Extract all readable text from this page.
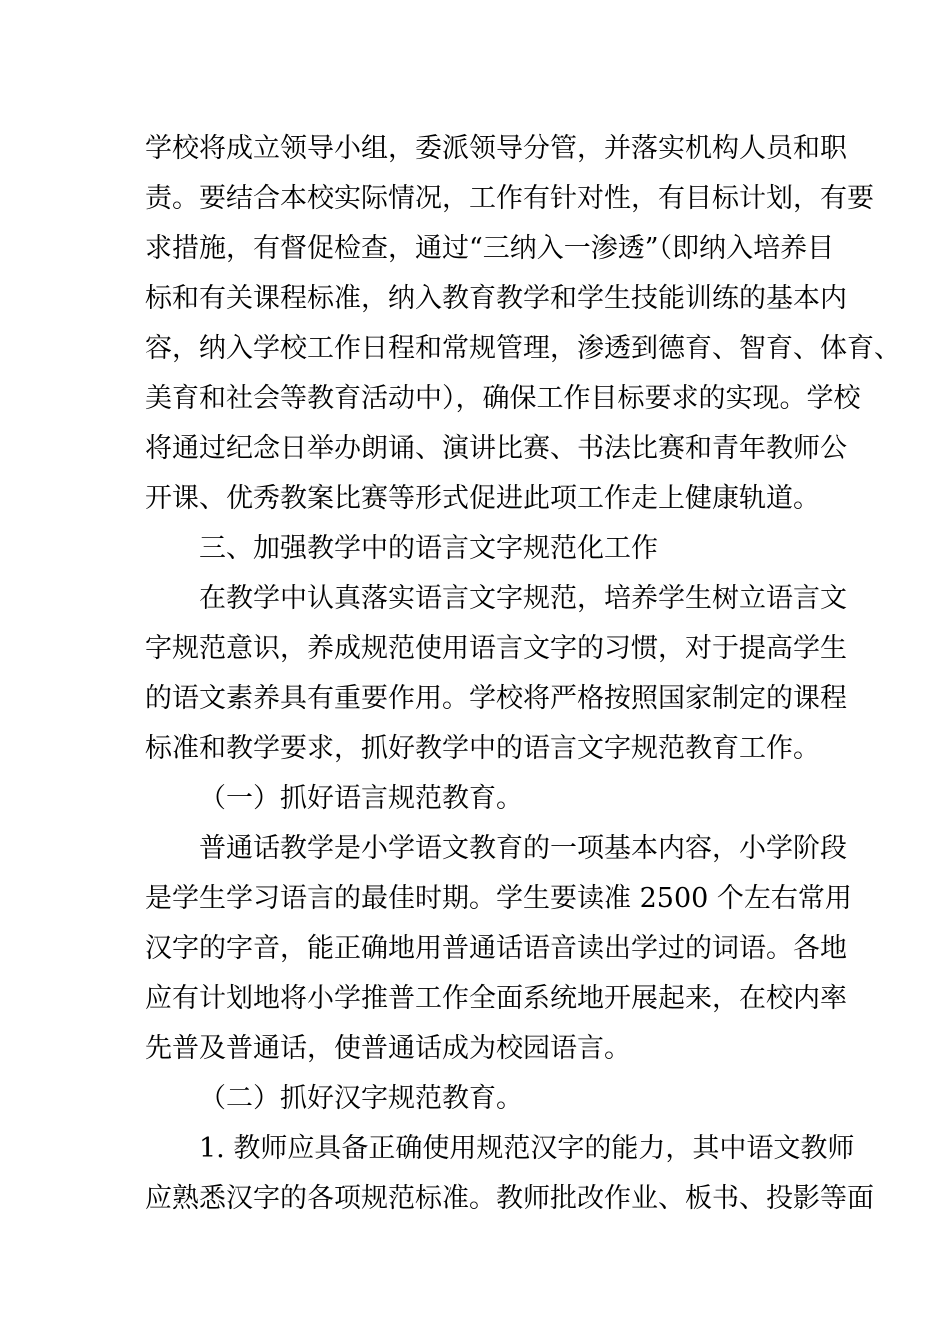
学校将成立领导小组，委派领导分管，并落实机构人员和职
责。要结合本校实际情况，工作有针对性，有目标计划，有要
求措施，有督促检查，通过“三纳入一渗透”（即纳入培养目
标和有关课程标准，纳入教育教学和学生技能训练的基本内
容，纳入学校工作日程和常规管理，渗透到德育、智育、体育、
美育和社会等教育活动中），确保工作目标要求的实现。学校
将通过纪念日举办朗诵、演讲比赛、书法比赛和青年教师公
开课、优秀教案比赛等形式促进此项工作走上健康轨道。
三、加强教学中的语言文字规范化工作
在教学中认真落实语言文字规范，培养学生树立语言文
字规范意识，养成规范使用语言文字的习惯，对于提高学生
的语文素养具有重要作用。学校将严格按照国家制定的课程
标准和教学要求，抓好教学中的语言文字规范教育工作。
（一）抓好语言规范教育。
普通话教学是小学语文教育的一项基本内容，小学阶段
是学生学习语言的最佳时期。学生要读准 2500 个左右常用
汉字的字音，能正确地用普通话语音读出学过的词语。各地
应有计划地将小学推普工作全面系统地开展起来，在校内率
先普及普通话，使普通话成为校园语言。
（二）抓好汉字规范教育。
1. 教师应具备正确使用规范汉字的能力，其中语文教师
应熟悉汉字的各项规范标准。教师批改作业、板书、投影等面
